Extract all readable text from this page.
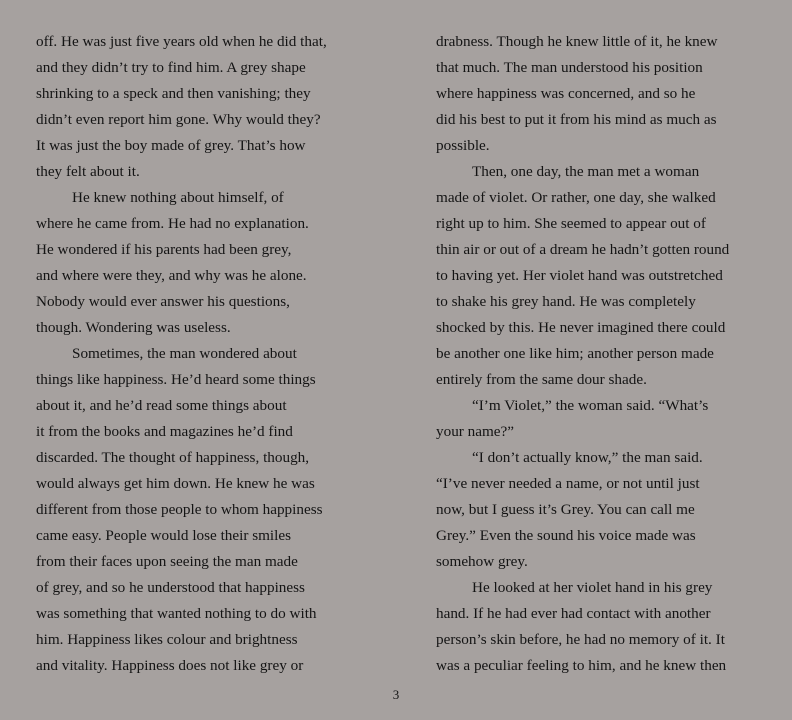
off. He was just five years old when he did that,
and they didn’t try to find him. A grey shape
shrinking to a speck and then vanishing; they
didn’t even report him gone. Why would they?
It was just the boy made of grey. That’s how
they felt about it.
He knew nothing about himself, of
where he came from. He had no explanation.
He wondered if his parents had been grey,
and where were they, and why was he alone.
Nobody would ever answer his questions,
though. Wondering was useless.
Sometimes, the man wondered about
things like happiness. He’d heard some things
about it, and he’d read some things about
it from the books and magazines he’d find
discarded. The thought of happiness, though,
would always get him down. He knew he was
different from those people to whom happiness
came easy. People would lose their smiles
from their faces upon seeing the man made
of grey, and so he understood that happiness
was something that wanted nothing to do with
him. Happiness likes colour and brightness
and vitality. Happiness does not like grey or
drabness. Though he knew little of it, he knew
that much. The man understood his position
where happiness was concerned, and so he
did his best to put it from his mind as much as
possible.
Then, one day, the man met a woman
made of violet. Or rather, one day, she walked
right up to him. She seemed to appear out of
thin air or out of a dream he hadn’t gotten round
to having yet. Her violet hand was outstretched
to shake his grey hand. He was completely
shocked by this. He never imagined there could
be another one like him; another person made
entirely from the same dour shade.
“I’m Violet,” the woman said. “What’s
your name?”
“I don’t actually know,” the man said.
“I’ve never needed a name, or not until just
now, but I guess it’s Grey. You can call me
Grey.” Even the sound his voice made was
somehow grey.
He looked at her violet hand in his grey
hand. If he had ever had contact with another
person’s skin before, he had no memory of it. It
was a peculiar feeling to him, and he knew then
3
